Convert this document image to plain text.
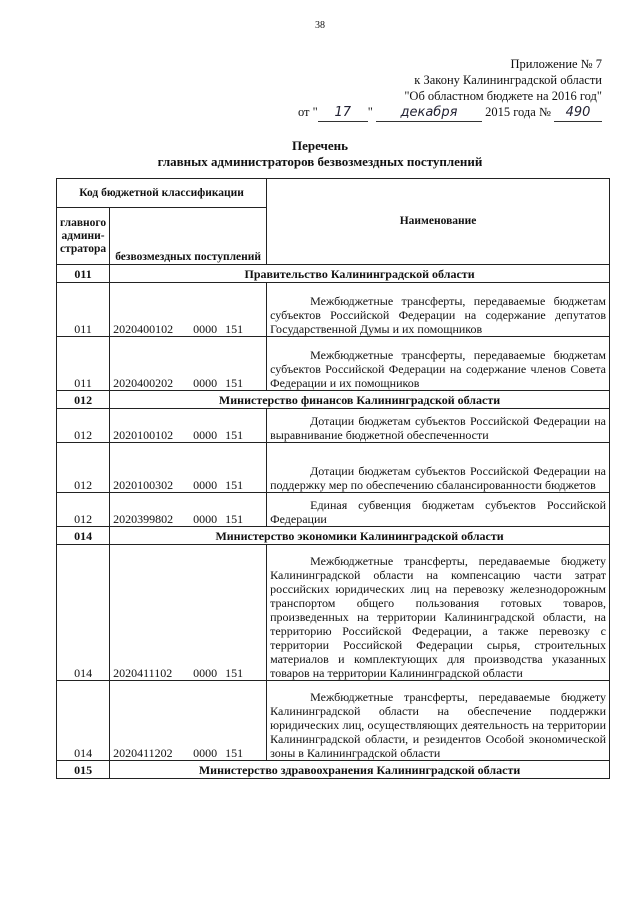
38
Приложение № 7
к Закону Калининградской области
"Об областном бюджете на 2016 год"
от " 17 " декабря 2015 года № 490
Перечень
главных администраторов безвозмездных поступлений
Код бюджетной классификации		Наименование
главного админи-стратора	безвозмездных поступлений	
011	Правительство Калининградской области	
011	2020400102 0000 151	Межбюджетные трансферты, передаваемые бюджетам субъектов Российской Федерации на содержание депутатов Государственной Думы и их помощников
011	2020400202 0000 151	Межбюджетные трансферты, передаваемые бюджетам субъектов Российской Федерации на содержание членов Совета Федерации и их помощников
012	Министерство финансов Калининградской области	
012	2020100102 0000 151	Дотации бюджетам субъектов Российской Федерации на выравнивание бюджетной обеспеченности
012	2020100302 0000 151	Дотации бюджетам субъектов Российской Федерации на поддержку мер по обеспечению сбалансированности бюджетов
012	2020399802 0000 151	Единая субвенция бюджетам субъектов Российской Федерации
014	Министерство экономики Калининградской области	
014	2020411102 0000 151	Межбюджетные трансферты, передаваемые бюджету Калининградской области на компенсацию части затрат российских юридических лиц на перевозку железнодорожным транспортом общего пользования готовых товаров, произведенных на территории Калининградской области, на территорию Российской Федерации, а также перевозку с территории Российской Федерации сырья, строительных материалов и комплектующих для производства указанных товаров на территории Калининградской области
014	2020411202 0000 151	Межбюджетные трансферты, передаваемые бюджету Калининградской области на обеспечение поддержки юридических лиц, осуществляющих деятельность на территории Калининградской области, и резидентов Особой экономической зоны в Калининградской области
015	Министерство здравоохранения Калининградской области	
